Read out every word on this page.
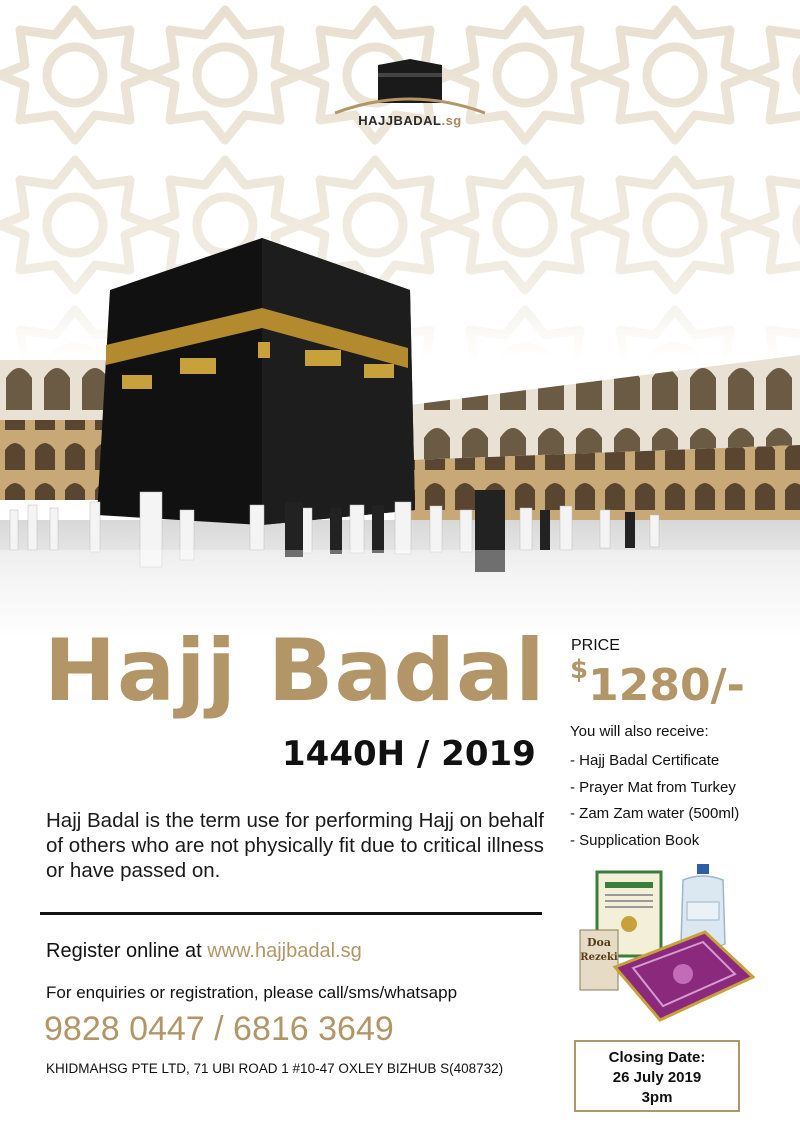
HAJJBADAL.sg
Hajj Badal
1440H / 2019
Hajj Badal is the term use for performing Hajj on behalf of others who are not physically fit due to critical illness or have passed on.
Register online at www.hajjbadal.sg
For enquiries or registration, please call/sms/whatsapp
9828 0447 / 6816 3649
KHIDMAHSG PTE LTD, 71 UBI ROAD 1 #10-47 OXLEY BIZHUB S(408732)
PRICE
$1280/-
You will also receive:
- Hajj Badal Certificate
- Prayer Mat from Turkey
- Zam Zam water (500ml)
- Supplication Book
Doa
Rezeki
Closing Date:
26 July 2019
3pm
